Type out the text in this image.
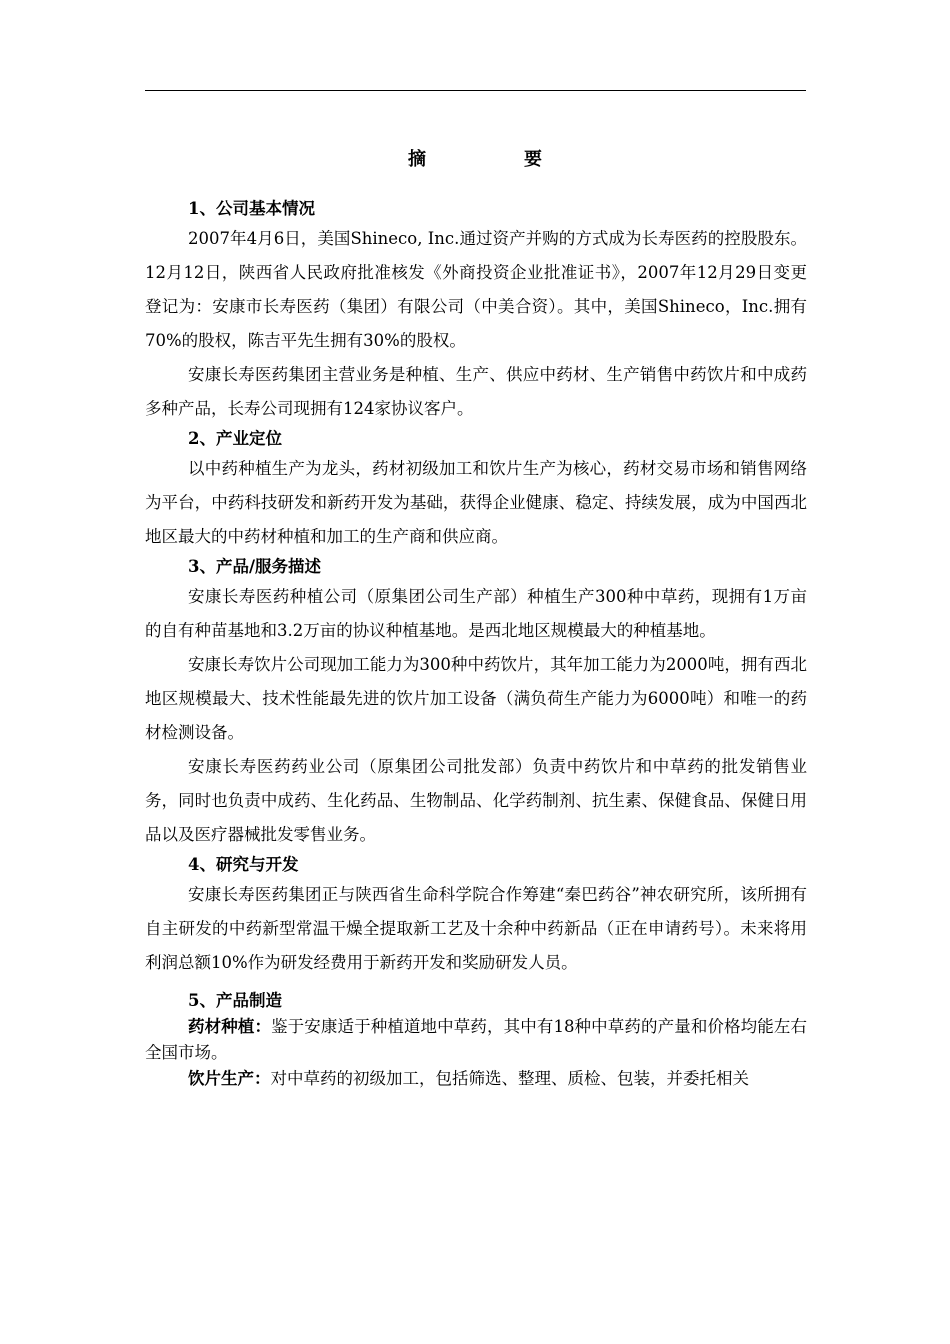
摘　要

1、公司基本情况

2007年4月6日，美国Shineco, Inc.通过资产并购的方式成为长寿医药的控股股东。12月12日，陕西省人民政府批准核发《外商投资企业批准证书》，2007年12月29日变更登记为：安康市长寿医药（集团）有限公司（中美合资）。其中，美国Shineco，Inc.拥有70%的股权，陈吉平先生拥有30%的股权。

安康长寿医药集团主营业务是种植、生产、供应中药材、生产销售中药饮片和中成药多种产品，长寿公司现拥有124家协议客户。

2、产业定位

以中药种植生产为龙头，药材初级加工和饮片生产为核心，药材交易市场和销售网络为平台，中药科技研发和新药开发为基础，获得企业健康、稳定、持续发展，成为中国西北地区最大的中药材种植和加工的生产商和供应商。

3、产品/服务描述

安康长寿医药种植公司（原集团公司生产部）种植生产300种中草药，现拥有1万亩的自有种苗基地和3.2万亩的协议种植基地。是西北地区规模最大的种植基地。

安康长寿饮片公司现加工能力为300种中药饮片，其年加工能力为2000吨，拥有西北地区规模最大、技术性能最先进的饮片加工设备（满负荷生产能力为6000吨）和唯一的药材检测设备。

安康长寿医药药业公司（原集团公司批发部）负责中药饮片和中草药的批发销售业务，同时也负责中成药、生化药品、生物制品、化学药制剂、抗生素、保健食品、保健日用品以及医疗器械批发零售业务。

4、研究与开发

安康长寿医药集团正与陕西省生命科学院合作筹建“秦巴药谷”神农研究所，该所拥有自主研发的中药新型常温干燥全提取新工艺及十余种中药新品（正在申请药号）。未来将用利润总额10%作为研发经费用于新药开发和奖励研发人员。

5、产品制造

药材种植：鉴于安康适于种植道地中草药，其中有18种中草药的产量和价格均能左右全国市场。

饮片生产：对中草药的初级加工，包括筛选、整理、质检、包装，并委托相关
